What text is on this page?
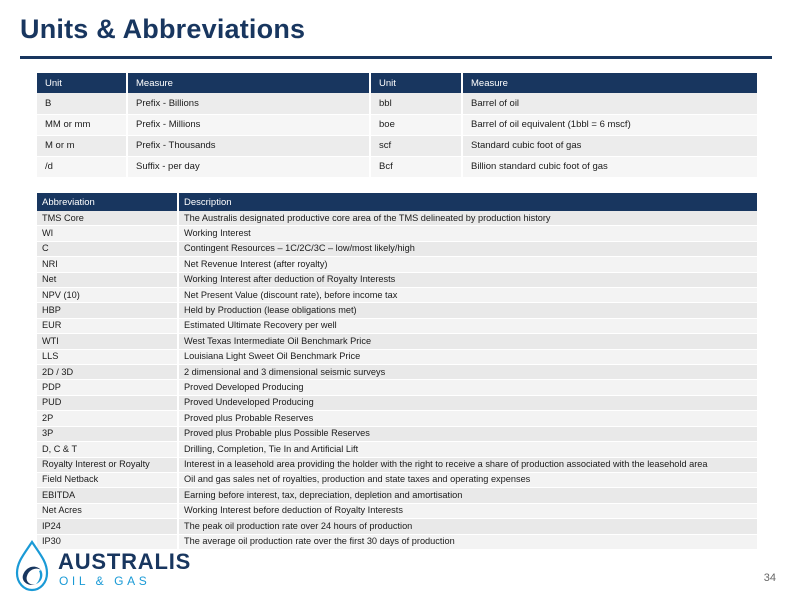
Units & Abbreviations
Unit	Measure	Unit	Measure
B	Prefix - Billions	bbl	Barrel of oil
MM or mm	Prefix - Millions	boe	Barrel of oil equivalent (1bbl = 6 mscf)
M or m	Prefix - Thousands	scf	Standard cubic foot of gas
/d	Suffix - per day	Bcf	Billion standard cubic foot of gas
Abbreviation	Description
TMS Core	The Australis designated productive core area of the TMS delineated by production history
WI	Working Interest
C	Contingent Resources – 1C/2C/3C – low/most likely/high
NRI	Net Revenue Interest (after royalty)
Net	Working Interest after deduction of Royalty Interests
NPV (10)	Net Present Value (discount rate), before income tax
HBP	Held by Production (lease obligations met)
EUR	Estimated Ultimate Recovery per well
WTI	West Texas Intermediate Oil Benchmark Price
LLS	Louisiana Light Sweet Oil Benchmark Price
2D / 3D	2 dimensional and 3 dimensional seismic surveys
PDP	Proved Developed Producing
PUD	Proved Undeveloped Producing
2P	Proved plus Probable Reserves
3P	Proved plus Probable plus Possible Reserves
D, C & T	Drilling, Completion, Tie In and Artificial Lift
Royalty Interest or Royalty	Interest in a leasehold area providing the holder with the right to receive a share of production associated with the leasehold area
Field Netback	Oil and gas sales net of royalties, production and state taxes and operating expenses
EBITDA	Earning before interest, tax, depreciation, depletion and amortisation
Net Acres	Working Interest before deduction of Royalty Interests
IP24	The peak oil production rate over 24 hours of production
IP30	The average oil production rate over the first 30 days of production
AUSTRALIS
OIL & GAS	34
